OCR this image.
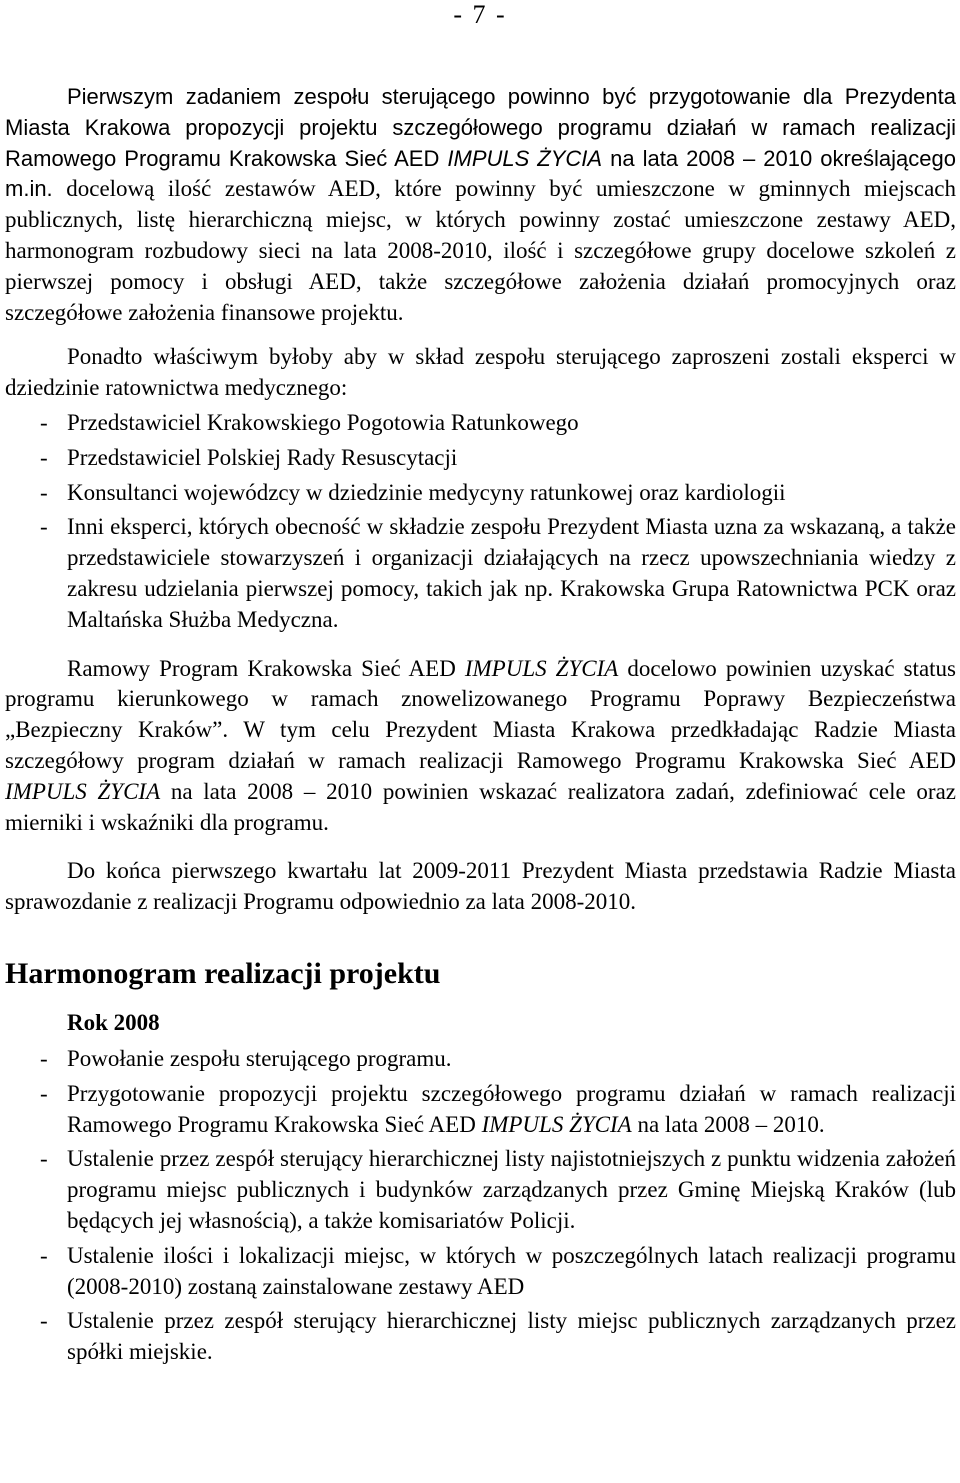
- 7 -

Pierwszym zadaniem zespołu sterującego powinno być przygotowanie dla Prezydenta Miasta Krakowa propozycji projektu szczegółowego programu działań w ramach realizacji Ramowego Programu Krakowska Sieć AED IMPULS ŻYCIA na lata 2008 – 2010 określającego m.in. docelową ilość zestawów AED, które powinny być umieszczone w gminnych miejscach publicznych, listę hierarchiczną miejsc, w których powinny zostać umieszczone zestawy AED, harmonogram rozbudowy sieci na lata 2008-2010, ilość i szczegółowe grupy docelowe szkoleń z pierwszej pomocy i obsługi AED, także szczegółowe założenia działań promocyjnych oraz szczegółowe założenia finansowe projektu.

Ponadto właściwym byłoby aby w skład zespołu sterującego zaproszeni zostali eksperci w dziedzinie ratownictwa medycznego:

- Przedstawiciel Krakowskiego Pogotowia Ratunkowego
- Przedstawiciel Polskiej Rady Resuscytacji
- Konsultanci wojewódzcy w dziedzinie medycyny ratunkowej oraz kardiologii
- Inni eksperci, których obecność w składzie zespołu Prezydent Miasta uzna za wskazaną, a także przedstawiciele stowarzyszeń i organizacji działających na rzecz upowszechniania wiedzy z zakresu udzielania pierwszej pomocy, takich jak np. Krakowska Grupa Ratownictwa PCK oraz Maltańska Służba Medyczna.

Ramowy Program Krakowska Sieć AED IMPULS ŻYCIA docelowo powinien uzyskać status programu kierunkowego w ramach znowelizowanego Programu Poprawy Bezpieczeństwa „Bezpieczny Kraków”. W tym celu Prezydent Miasta Krakowa przedkładając Radzie Miasta szczegółowy program działań w ramach realizacji Ramowego Programu Krakowska Sieć AED IMPULS ŻYCIA na lata 2008 – 2010 powinien wskazać realizatora zadań, zdefiniować cele oraz mierniki i wskaźniki dla programu.

Do końca pierwszego kwartału lat 2009-2011 Prezydent Miasta przedstawia Radzie Miasta sprawozdanie z realizacji Programu odpowiednio za lata 2008-2010.

Harmonogram realizacji projektu
Rok 2008
- Powołanie zespołu sterującego programu.
- Przygotowanie propozycji projektu szczegółowego programu działań w ramach realizacji Ramowego Programu Krakowska Sieć AED IMPULS ŻYCIA na lata 2008 – 2010.
- Ustalenie przez zespół sterujący hierarchicznej listy najistotniejszych z punktu widzenia założeń programu miejsc publicznych i budynków zarządzanych przez Gminę Miejską Kraków (lub będących jej własnością), a także komisariatów Policji.
- Ustalenie ilości i lokalizacji miejsc, w których w poszczególnych latach realizacji programu (2008-2010) zostaną zainstalowane zestawy AED
- Ustalenie przez zespół sterujący hierarchicznej listy miejsc publicznych zarządzanych przez spółki miejskie.
